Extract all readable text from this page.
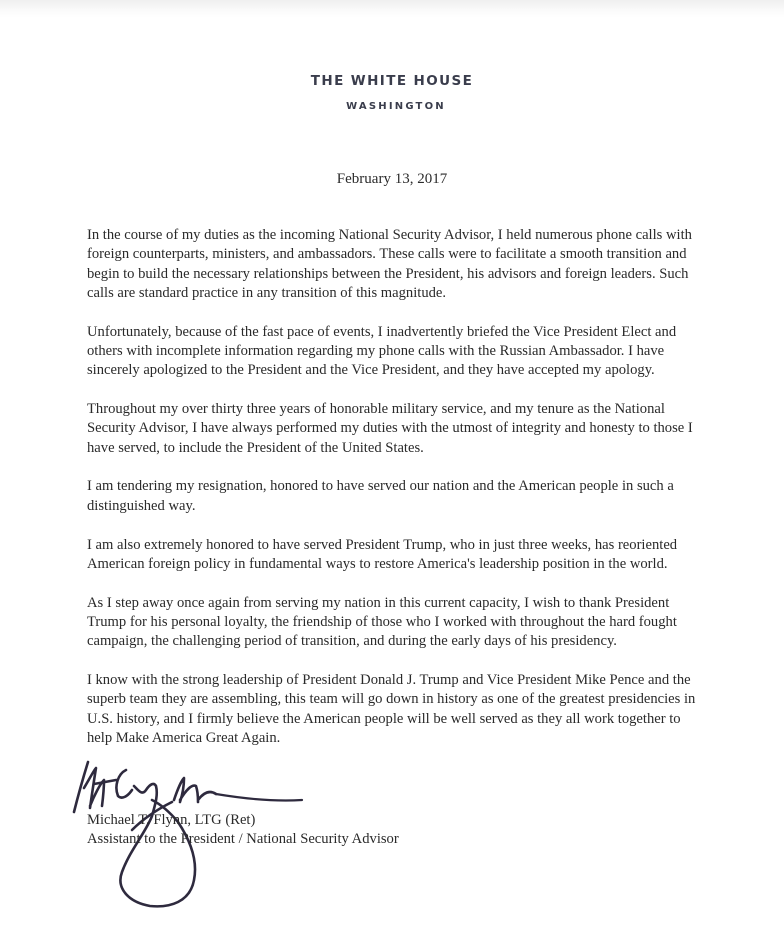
THE WHITE HOUSE
WASHINGTON
February 13, 2017

In the course of my duties as the incoming National Security Advisor, I held numerous phone calls with
foreign counterparts, ministers, and ambassadors. These calls were to facilitate a smooth transition and
begin to build the necessary relationships between the President, his advisors and foreign leaders. Such
calls are standard practice in any transition of this magnitude.

Unfortunately, because of the fast pace of events, I inadvertently briefed the Vice President Elect and
others with incomplete information regarding my phone calls with the Russian Ambassador. I have
sincerely apologized to the President and the Vice President, and they have accepted my apology.

Throughout my over thirty three years of honorable military service, and my tenure as the National
Security Advisor, I have always performed my duties with the utmost of integrity and honesty to those I
have served, to include the President of the United States.

I am tendering my resignation, honored to have served our nation and the American people in such a
distinguished way.

I am also extremely honored to have served President Trump, who in just three weeks, has reoriented
American foreign policy in fundamental ways to restore America's leadership position in the world.

As I step away once again from serving my nation in this current capacity, I wish to thank President
Trump for his personal loyalty, the friendship of those who I worked with throughout the hard fought
campaign, the challenging period of transition, and during the early days of his presidency.

I know with the strong leadership of President Donald J. Trump and Vice President Mike Pence and the
superb team they are assembling, this team will go down in history as one of the greatest presidencies in
U.S. history, and I firmly believe the American people will be well served as they all work together to
help Make America Great Again.

Michael T. Flynn, LTG (Ret)
Assistant to the President / National Security Advisor
